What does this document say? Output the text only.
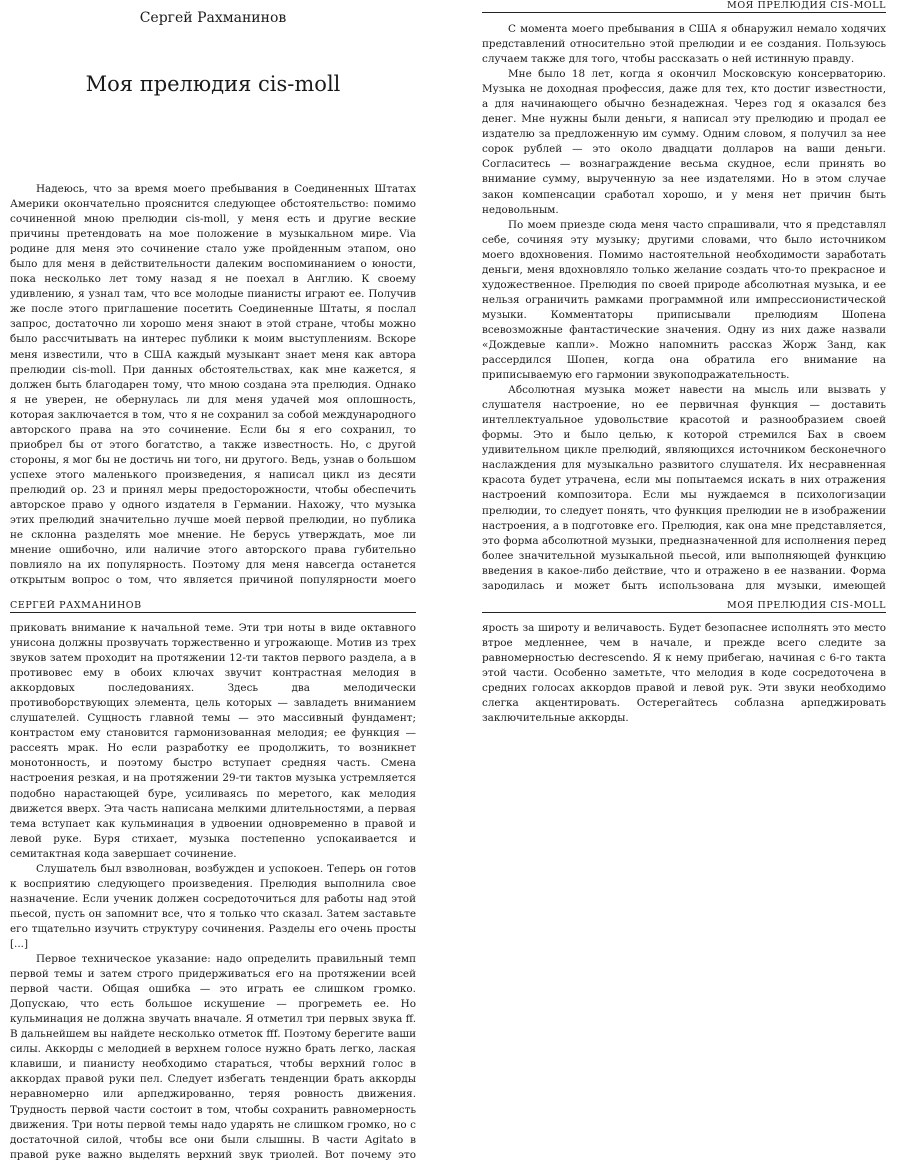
Сергей Рахманинов
Моя прелюдия cis-moll

Надеюсь, что за время моего пребывания в Соединенных Штатах Америки окончательно прояснится следующее обстоятельство: помимо сочиненной мною прелюдии cis-moll, у меня есть и другие веские причины претендовать на мое положение в музыкальном мире. Via родине для меня это сочинение стало уже пройденным этапом, оно было для меня в действительности далеким воспоминанием о юности, пока несколько лет тому назад я не поехал в Англию. К своему удивлению, я узнал там, что все молодые пианисты играют ее. Получив же после этого приглашение посетить Соединенные Штаты, я послал запрос, достаточно ли хорошо меня знают в этой стране, чтобы можно было рассчитывать на интерес публики к моим выступлениям. Вскоре меня известили, что в США каждый музыкант знает меня как автора прелюдии cis-moll. При данных обстоятельствах, как мне кажется, я должен быть благодарен тому, что мною создана эта прелюдия. Однако я не уверен, не обернулась ли для меня удачей моя оплошность, которая заключается в том, что я не сохранил за собой международного авторского права на это сочинение. Если бы я его сохранил, то приобрел бы от этого богатство, а также известность. Но, с другой стороны, я мог бы не достичь ни того, ни другого. Ведь, узнав о большом успехе этого маленького произведения, я написал цикл из десяти прелюдий op. 23 и принял меры предосторожности, чтобы обеспечить авторское право у одного издателя в Германии. Нахожу, что музыка этих прелюдий значительно лучше моей первой прелюдии, но публика не склонна разделять мое мнение. Не берусь утверждать, мое ли мнение ошибочно, или наличие этого авторского права губительно повлияло на их популярность. Поэтому для меня навсегда останется открытым вопрос о том, что является причиной популярности моего

МОЯ ПРЕЛЮДИЯ CIS-MOLL

С момента моего пребывания в США я обнаружил немало ходячих представлений относительно этой прелюдии и ее создания. Пользуюсь случаем также для того, чтобы рассказать о ней истинную правду.

Мне было 18 лет, когда я окончил Московскую консерваторию. Музыка не доходная профессия, даже для тех, кто достиг известности, а для начинающего обычно безнадежная. Через год я оказался без денег. Мне нужны были деньги, я написал эту прелюдию и продал ее издателю за предложенную им сумму. Одним словом, я получил за нее сорок рублей — это около двадцати долларов на ваши деньги. Согласитесь — вознаграждение весьма скудное, если принять во внимание сумму, вырученную за нее издателями. Но в этом случае закон компенсации сработал хорошо, и у меня нет причин быть недовольным.

По моем приезде сюда меня часто спрашивали, что я представлял себе, сочиняя эту музыку; другими словами, что было источником моего вдохновения. Помимо настоятельной необходимости заработать деньги, меня вдохновляло только желание создать что-то прекрасное и художественное. Прелюдия по своей природе абсолютная музыка, и ее нельзя ограничить рамками программной или импрессионистической музыки. Комментаторы приписывали прелюдиям Шопена всевозможные фантастические значения. Одну из них даже назвали «Дождевые капли». Можно напомнить рассказ Жорж Занд, как рассердился Шопен, когда она обратила его внимание на приписываемую его гармонии звукоподражательность.

Абсолютная музыка может навести на мысль или вызвать у слушателя настроение, но ее первичная функция — доставить интеллектуальное удовольствие красотой и разнообразием своей формы. Это и было целью, к которой стремился Бах в своем удивительном цикле прелюдий, являющихся источником бесконечного наслаждения для музыкально развитого слушателя. Их несравненная красота будет утрачена, если мы попытаемся искать в них отражения настроений композитора. Если мы нуждаемся в психологизации прелюдии, то следует понять, что функция прелюдии не в изображении настроения, а в подготовке его. Прелюдия, как она мне представляется, это форма абсолютной музыки, предназначенной для исполнения перед более значительной музыкальной пьесой, или выполняющей функцию введения в какое-либо действие, что и отражено в ее названии. Форма зародилась и может быть использована для музыки, имеющей

СЕРГЕЙ РАХМАНИНОВ

приковать внимание к начальной теме. Эти три ноты в виде октавного унисона должны прозвучать торжественно и угрожающе. Мотив из трех звуков затем проходит на протяжении 12-ти тактов первого раздела, а в противовес ему в обоих ключах звучит контрастная мелодия в аккордовых последованиях. Здесь два мелодически противоборствующих элемента, цель которых — завладеть вниманием слушателей. Сущность главной темы — это массивный фундамент; контрастом ему становится гармонизованная мелодия; ее функция — рассеять мрак. Но если разработку ее продолжить, то возникнет монотонность, и поэтому быстро вступает средняя часть. Смена настроения резкая, и на протяжении 29-ти тактов музыка устремляется подобно нарастающей буре, усиливаясь по меретого, как мелодия движется вверх. Эта часть написана мелкими длительностями, а первая тема вступает как кульминация в удвоении одновременно в правой и левой руке. Буря стихает, музыка постепенно успокаивается и семитактная кода завершает сочинение.

Слушатель был взволнован, возбужден и успокоен. Теперь он готов к восприятию следующего произведения. Прелюдия выполнила свое назначение. Если ученик должен сосредоточиться для работы над этой пьесой, пусть он запомнит все, что я только что сказал. Затем заставьте его тщательно изучить структуру сочинения. Разделы его очень просты [...]

Первое техническое указание: надо определить правильный темп первой темы и затем строго придерживаться его на протяжении всей первой части. Общая ошибка — это играть ее слишком громко. Допускаю, что есть большое искушение — прогреметь ее. Но кульминация не должна звучать вначале. Я отметил три первых звука ff. В дальнейшем вы найдете несколько отметок fff. Поэтому берегите ваши силы. Аккорды с мелодией в верхнем голосе нужно брать легко, лаская клавиши, и пианисту необходимо стараться, чтобы верхний голос в аккордах правой руки пел. Следует избегать тенденции брать аккорды неравномерно или арпеджированно, теряя ровность движения. Трудность первой части состоит в том, чтобы сохранить равномерность движения. Три ноты первой темы надо ударять не слишком громко, но с достаточной силой, чтобы все они были слышны. В части Agitato в правой руке важно выделять верхний звук триолей. Вот почему это

МОЯ ПРЕЛЮДИЯ CIS-MOLL

ярость за широту и величавость. Будет безопаснее исполнять это место втрое медленнее, чем в начале, и прежде всего следите за равномерностью decrescendo. Я к нему прибегаю, начиная с 6-го такта этой части. Особенно заметьте, что мелодия в коде сосредоточена в средних голосах аккордов правой и левой рук. Эти звуки необходимо слегка акцентировать. Остерегайтесь соблазна арпеджировать заключительные аккорды.
